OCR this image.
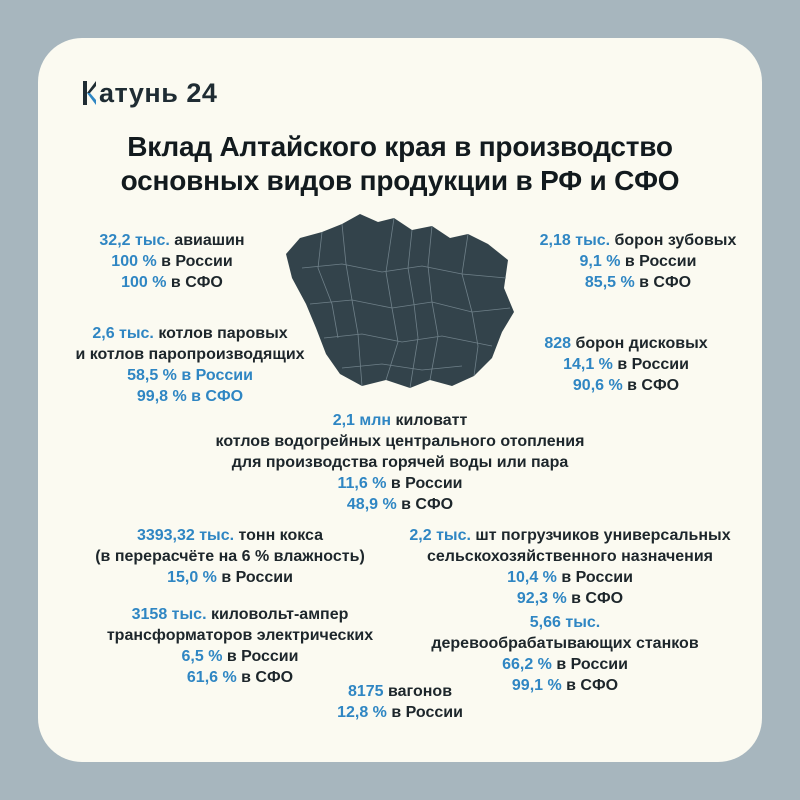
атунь 24
Вклад Алтайского края в производство
основных видов продукции в РФ и СФО
32,2 тыс. авиашин
100 % в России
100 % в СФО
2,6 тыс. котлов паровых
и котлов паропроизводящих
58,5 % в России
99,8 % в СФО
2,18 тыс. борон зубовых
9,1 % в России
85,5 % в СФО
828 борон дисковых
14,1 % в России
90,6 % в СФО
2,1 млн киловатт
котлов водогрейных центрального отопления
для производства горячей воды или пара
11,6 % в России
48,9 % в СФО
3393,32 тыс. тонн кокса
(в перерасчёте на 6 % влажность)
15,0 % в России
2,2 тыс. шт погрузчиков универсальных
сельскохозяйственного назначения
10,4 % в России
92,3 % в СФО
3158 тыс. киловольт-ампер
трансформаторов электрических
6,5 % в России
61,6 % в СФО
5,66 тыс.
деревообрабатывающих станков
66,2 % в России
99,1 % в СФО
8175 вагонов
12,8 % в России
